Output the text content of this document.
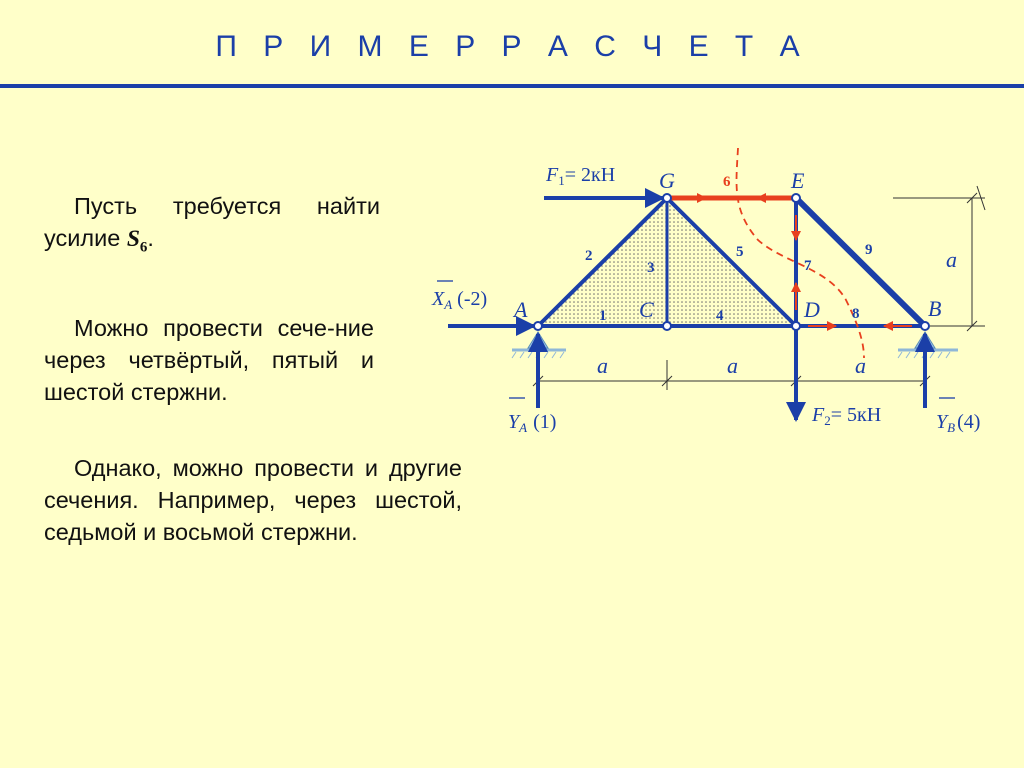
П Р И М Е Р Р А С Ч Е Т А

Пусть требуется найти усилие $S_6$.

Можно провести сече-ние через четвёртый, пятый и шестой стержни.

Однако, можно провести и другие сечения. Например, через шестой, седьмой и восьмой стержни.

G	E
A	C	D	B
1
2
3
4
5
6
7
8
9
a	a	a
a
$F_1= 2кН$
$F_2= 5кН$
$X_A$ (-2)
$Y_A$ (1)	$Y_B$ (4)
